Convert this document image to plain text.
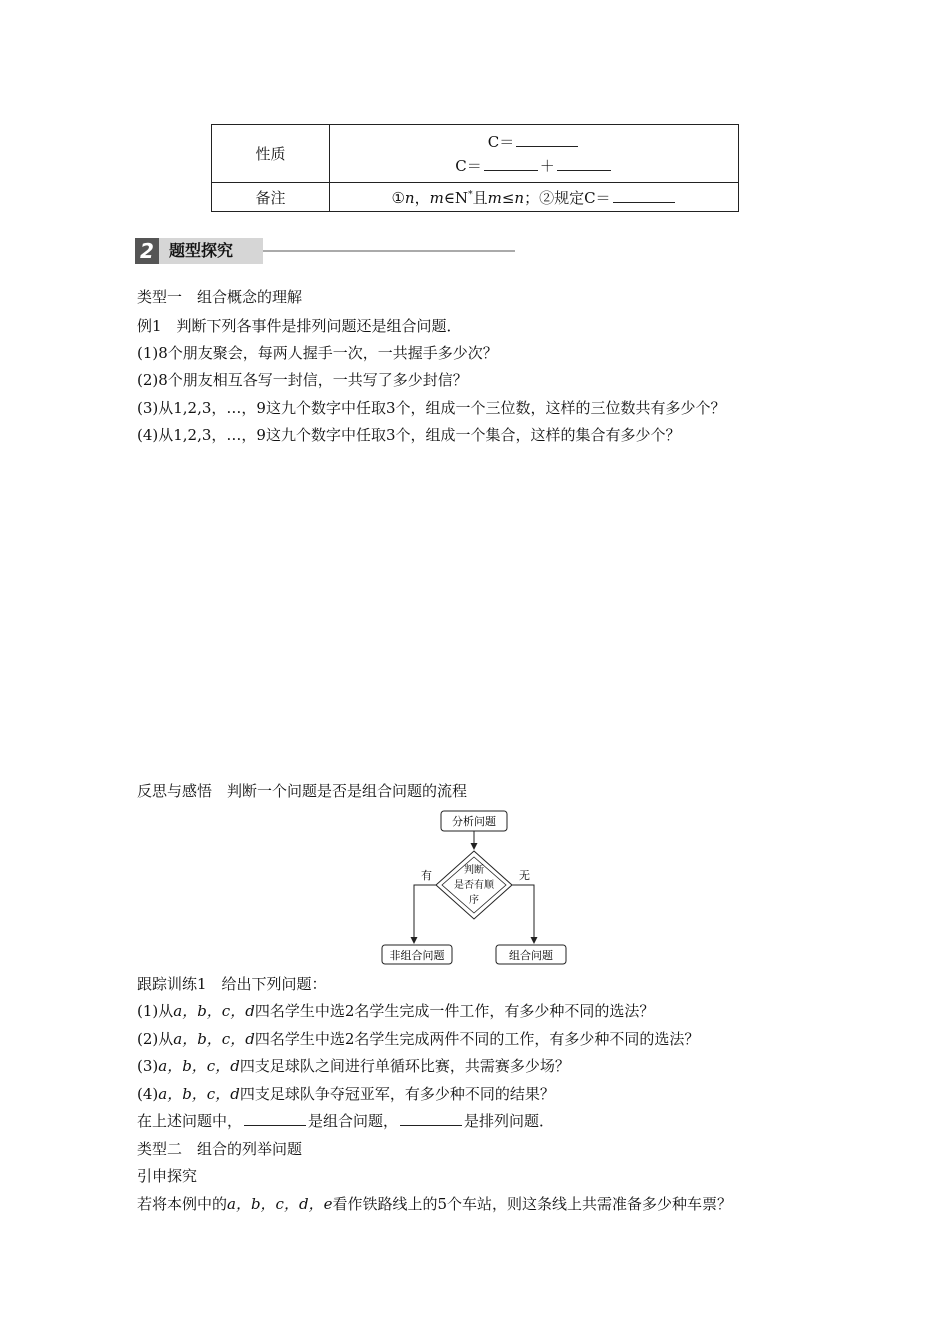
性质	C＝
C＝ ＋

备注	①n，m∈N*且m≤n；②规定C＝
2 题型探究
类型一　组合概念的理解
例1　判断下列各事件是排列问题还是组合问题．
(1)8个朋友聚会，每两人握手一次，一共握手多少次？
(2)8个朋友相互各写一封信，一共写了多少封信？
(3)从1,2,3，…，9这九个数字中任取3个，组成一个三位数，这样的三位数共有多少个？
(4)从1,2,3，…，9这九个数字中任取3个，组成一个集合，这样的集合有多少个？
反思与感悟　判断一个问题是否是组合问题的流程
分析问题
判断
是否有顺
序
有	无
非组合问题	组合问题
跟踪训练1　给出下列问题：
(1)从a，b，c，d四名学生中选2名学生完成一件工作，有多少种不同的选法？
(2)从a，b，c，d四名学生中选2名学生完成两件不同的工作，有多少种不同的选法？
(3)a，b，c，d四支足球队之间进行单循环比赛，共需赛多少场？
(4)a，b，c，d四支足球队争夺冠亚军，有多少种不同的结果？
在上述问题中，	是组合问题，	是排列问题．
类型二　组合的列举问题
引申探究
若将本例中的a，b，c，d，e看作铁路线上的5个车站，则这条线上共需准备多少种车票？
